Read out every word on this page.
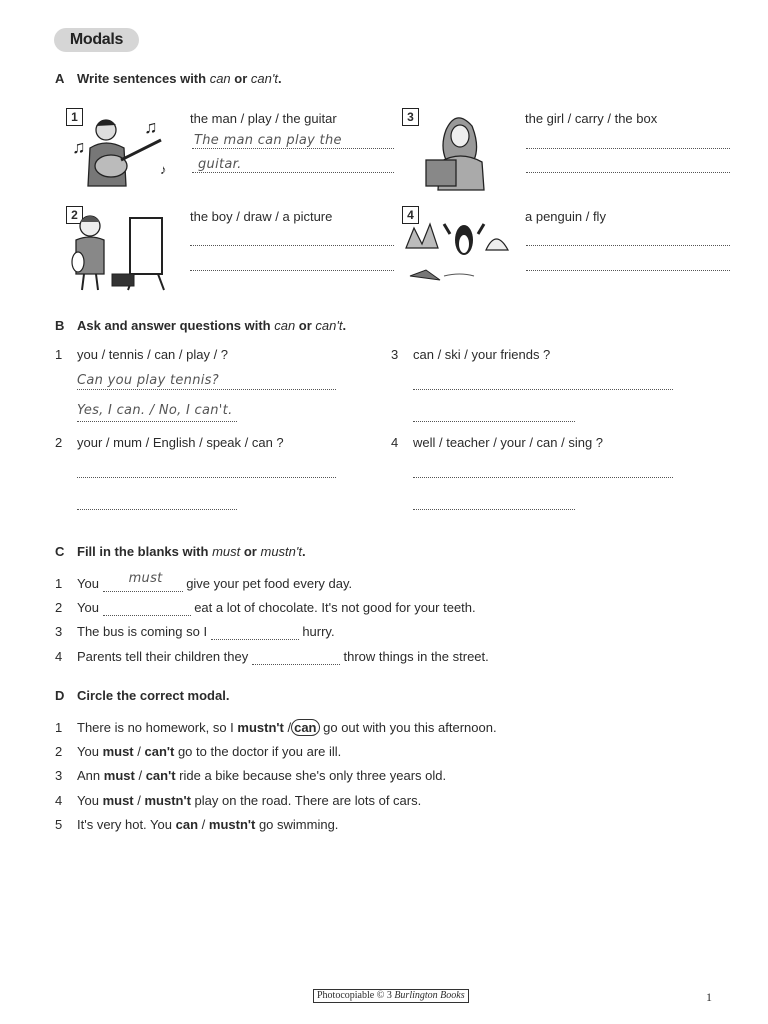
Modals
A Write sentences with can or can't.
1
♫
♫
♪
the man / play / the guitar
The man can play the
guitar.
3	the girl / carry / the box
2	the boy / draw / a picture	4	a penguin / fly
B Ask and answer questions with can or can't.
1 you / tennis / can / play / ?
Can you play tennis?
Yes, I can. / No, I can't.
3 can / ski / your friends ?
2 your / mum / English / speak / can ?	4 well / teacher / your / can / sing ?
C Fill in the blanks with must or mustn't.
1 You must give your pet food every day.
2 You	eat a lot of chocolate. It's not good for your teeth.
3 The bus is coming so I	hurry.
4 Parents tell their children they	throw things in the street.
D Circle the correct modal.
1 There is no homework, so I mustn't / can go out with you this afternoon.
2 You must / can't go to the doctor if you are ill.
3 Ann must / can't ride a bike because she's only three years old.
4 You must / mustn't play on the road. There are lots of cars.
5 It's very hot. You can / mustn't go swimming.
Photocopiable © 3 Burlington Books	1
